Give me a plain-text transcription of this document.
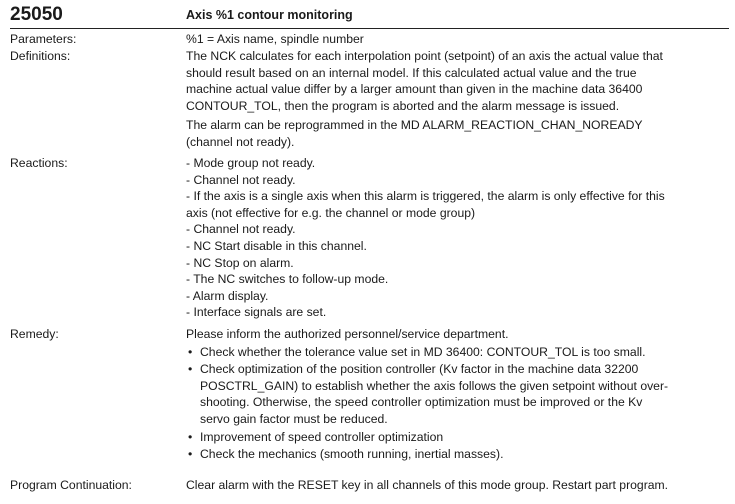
25050	Axis %1 contour monitoring
Parameters:	%1 = Axis name, spindle number

Definitions:	The NCK calculates for each interpolation point (setpoint) of an axis the actual value that

should result based on an internal model. If this calculated actual value and the true

machine actual value differ by a larger amount than given in the machine data 36400

CONTOUR_TOL, then the program is aborted and the alarm message is issued.

The alarm can be reprogrammed in the MD ALARM_REACTION_CHAN_NOREADY

(channel not ready).

Reactions:	- Mode group not ready.

- Channel not ready.

- If the axis is a single axis when this alarm is triggered, the alarm is only effective for this

axis (not effective for e.g. the channel or mode group)

- Channel not ready.

- NC Start disable in this channel.

- NC Stop on alarm.

- The NC switches to follow-up mode.

- Alarm display.

- Interface signals are set.

Remedy:	Please inform the authorized personnel/service department.

• Check whether the tolerance value set in MD 36400: CONTOUR_TOL is too small.

• Check optimization of the position controller (Kv factor in the machine data 32200

POSCTRL_GAIN) to establish whether the axis follows the given setpoint without over-

shooting. Otherwise, the speed controller optimization must be improved or the Kv

servo gain factor must be reduced.

• Improvement of speed controller optimization

• Check the mechanics (smooth running, inertial masses).

Program Continuation:	Clear alarm with the RESET key in all channels of this mode group. Restart part program.
